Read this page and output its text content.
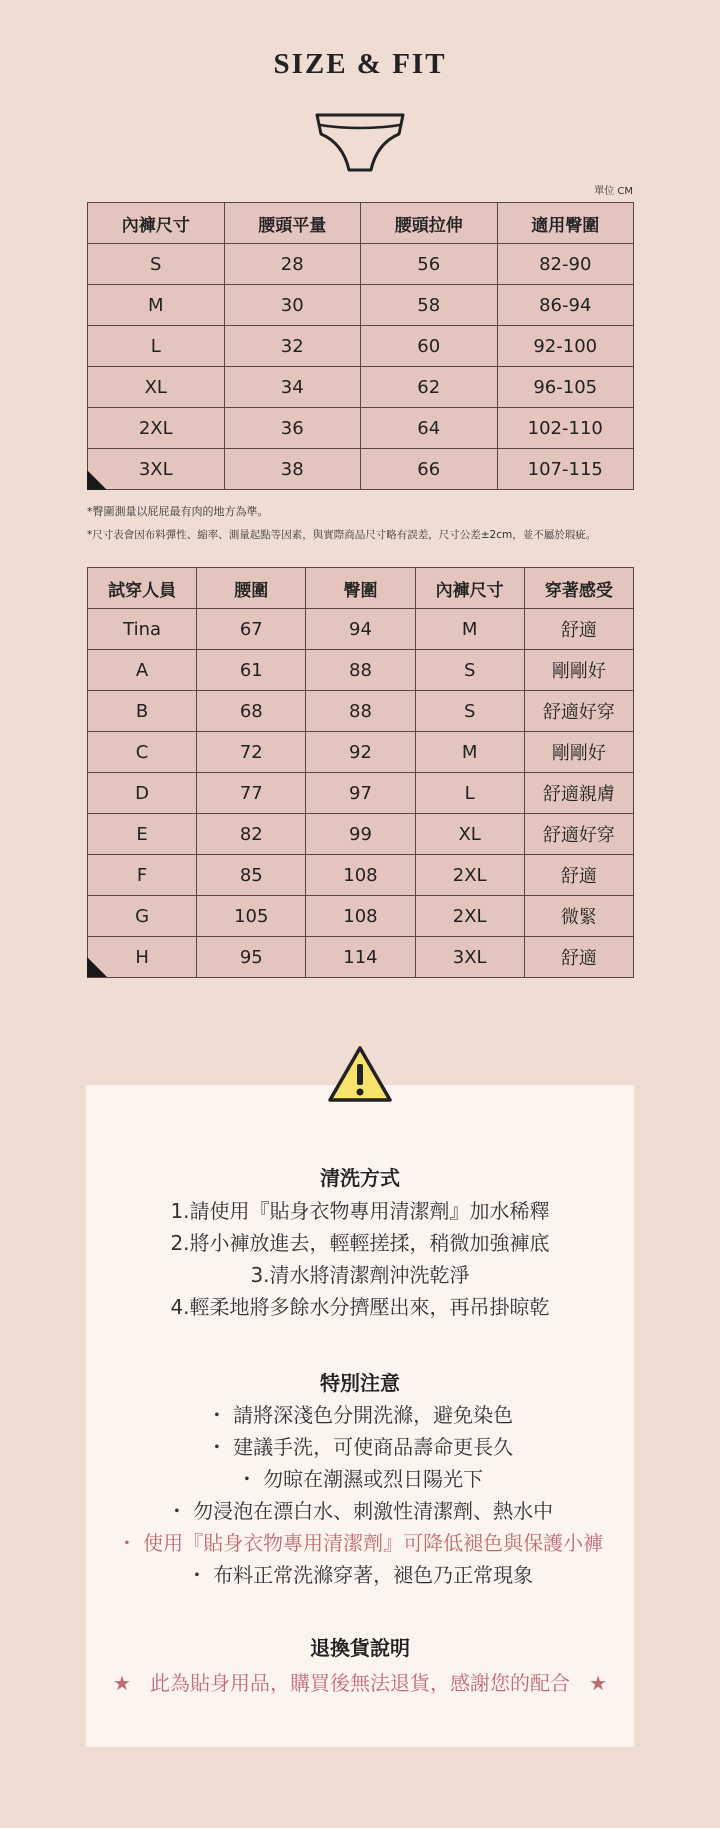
SIZE & FIT
單位 CM
內褲尺寸	腰頭平量	腰頭拉伸	適用臀圍
S	28	56	82-90
M	30	58	86-94
L	32	60	92-100
XL	34	62	96-105
2XL	36	64	102-110
3XL	38	66	107-115
*臀圍測量以屁屁最有肉的地方為準。
*尺寸表會因布料彈性、縮率、測量起點等因素，與實際商品尺寸略有誤差，尺寸公差±2cm，並不屬於瑕疵。
試穿人員	腰圍	臀圍	內褲尺寸	穿著感受
Tina	67	94	M	舒適
A	61	88	S	剛剛好
B	68	88	S	舒適好穿
C	72	92	M	剛剛好
D	77	97	L	舒適親膚
E	82	99	XL	舒適好穿
F	85	108	2XL	舒適
G	105	108	2XL	微緊
H	95	114	3XL	舒適
清洗方式
1.請使用『貼身衣物專用清潔劑』加水稀釋
2.將小褲放進去，輕輕搓揉，稍微加強褲底
3.清水將清潔劑沖洗乾淨
4.輕柔地將多餘水分擠壓出來，再吊掛晾乾
特別注意
・ 請將深淺色分開洗滌，避免染色
・ 建議手洗，可使商品壽命更長久
・ 勿晾在潮濕或烈日陽光下
・ 勿浸泡在漂白水、刺激性清潔劑、熱水中
・ 使用『貼身衣物專用清潔劑』可降低褪色與保護小褲
・ 布料正常洗滌穿著，褪色乃正常現象
退換貨說明
★ 此為貼身用品，購買後無法退貨，感謝您的配合 ★
